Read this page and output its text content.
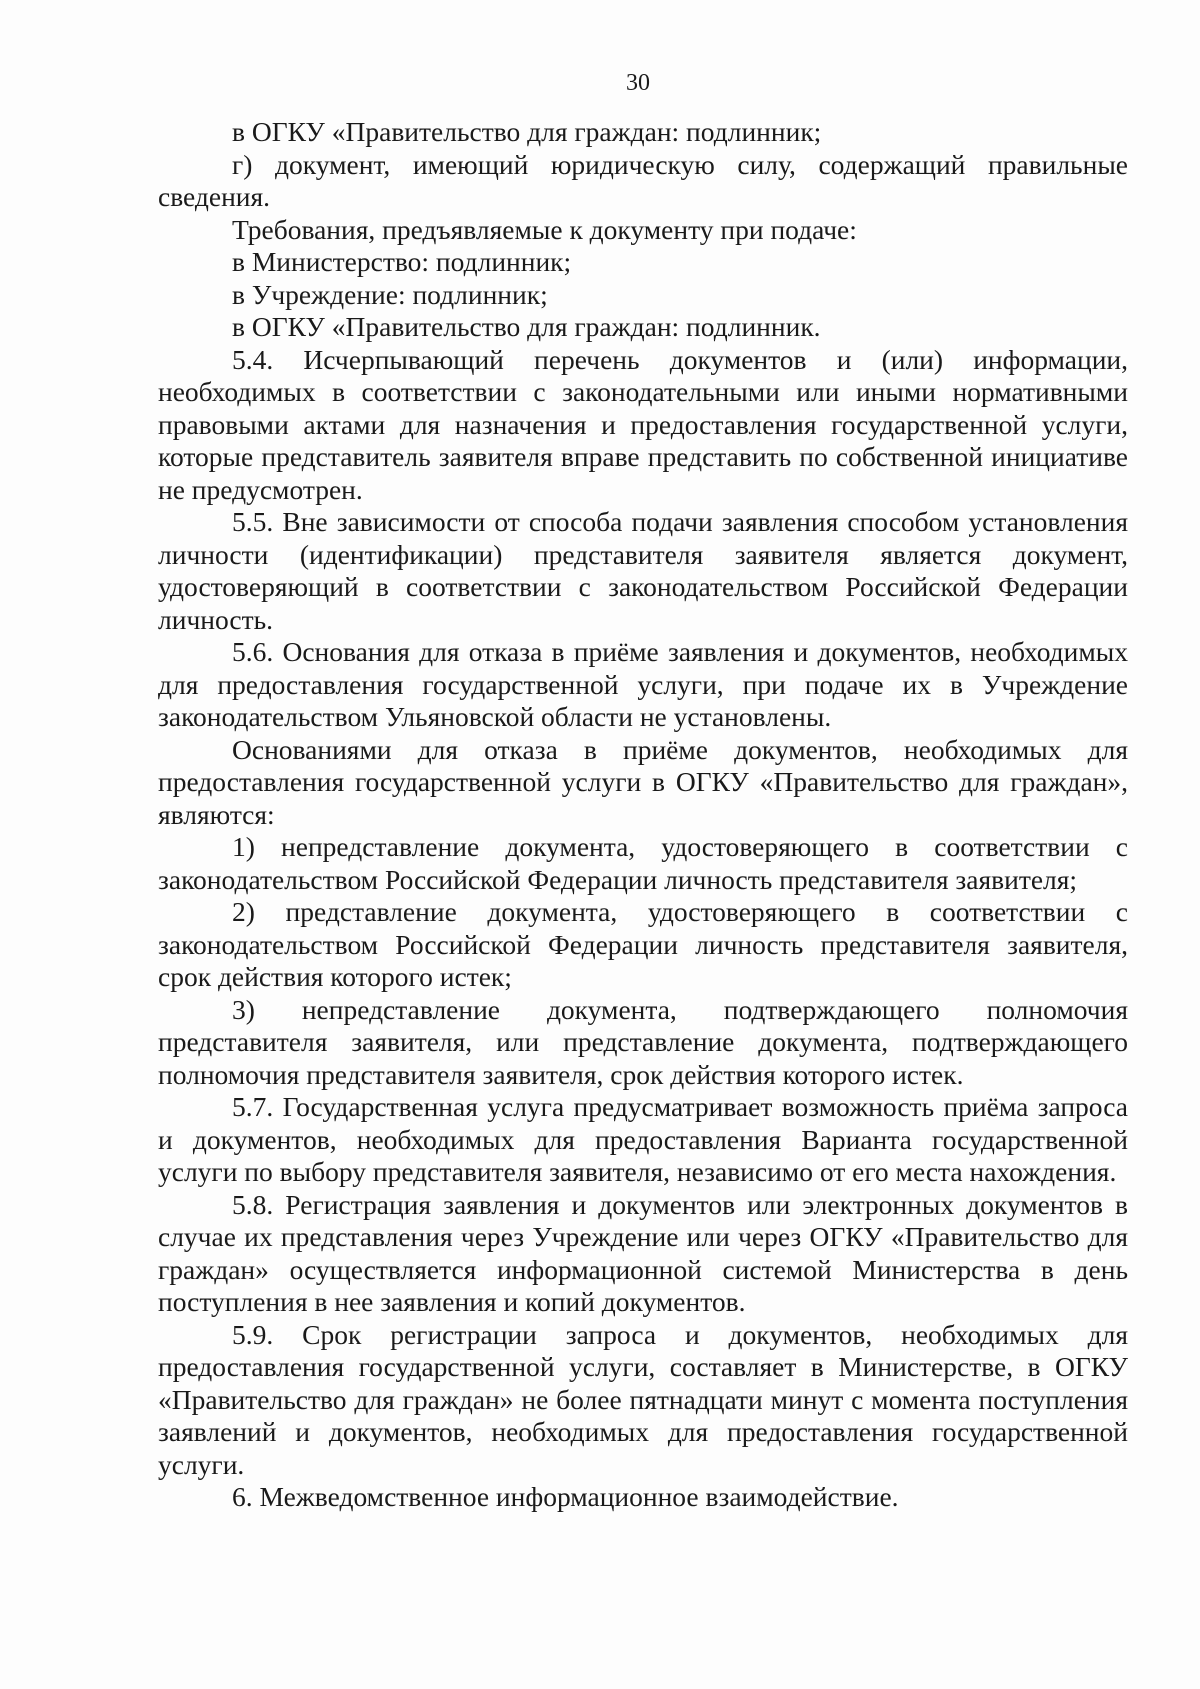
30

в ОГКУ «Правительство для граждан: подлинник;

г) документ, имеющий юридическую силу, содержащий правильные сведения.

Требования, предъявляемые к документу при подаче:

в Министерство: подлинник;

в Учреждение: подлинник;

в ОГКУ «Правительство для граждан: подлинник.

5.4. Исчерпывающий перечень документов и (или) информации, необходимых в соответствии с законодательными или иными нормативными правовыми актами для назначения и предоставления государственной услуги, которые представитель заявителя вправе представить по собственной инициативе не предусмотрен.

5.5. Вне зависимости от способа подачи заявления способом установления личности (идентификации) представителя заявителя является документ, удостоверяющий в соответствии с законодательством Российской Федерации личность.

5.6. Основания для отказа в приёме заявления и документов, необходимых для предоставления государственной услуги, при подаче их в Учреждение законодательством Ульяновской области не установлены.

Основаниями для отказа в приёме документов, необходимых для предоставления государственной услуги в ОГКУ «Правительство для граждан», являются:

1) непредставление документа, удостоверяющего в соответствии с законодательством Российской Федерации личность представителя заявителя;

2) представление документа, удостоверяющего в соответствии с законодательством Российской Федерации личность представителя заявителя, срок действия которого истек;

3) непредставление документа, подтверждающего полномочия представителя заявителя, или представление документа, подтверждающего полномочия представителя заявителя, срок действия которого истек.

5.7. Государственная услуга предусматривает возможность приёма запроса и документов, необходимых для предоставления Варианта государственной услуги по выбору представителя заявителя, независимо от его места нахождения.

5.8. Регистрация заявления и документов или электронных документов в случае их представления через Учреждение или через ОГКУ «Правительство для граждан» осуществляется информационной системой Министерства в день поступления в нее заявления и копий документов.

5.9. Срок регистрации запроса и документов, необходимых для предоставления государственной услуги, составляет в Министерстве, в ОГКУ «Правительство для граждан» не более пятнадцати минут с момента поступления заявлений и документов, необходимых для предоставления государственной услуги.

6. Межведомственное информационное взаимодействие.
